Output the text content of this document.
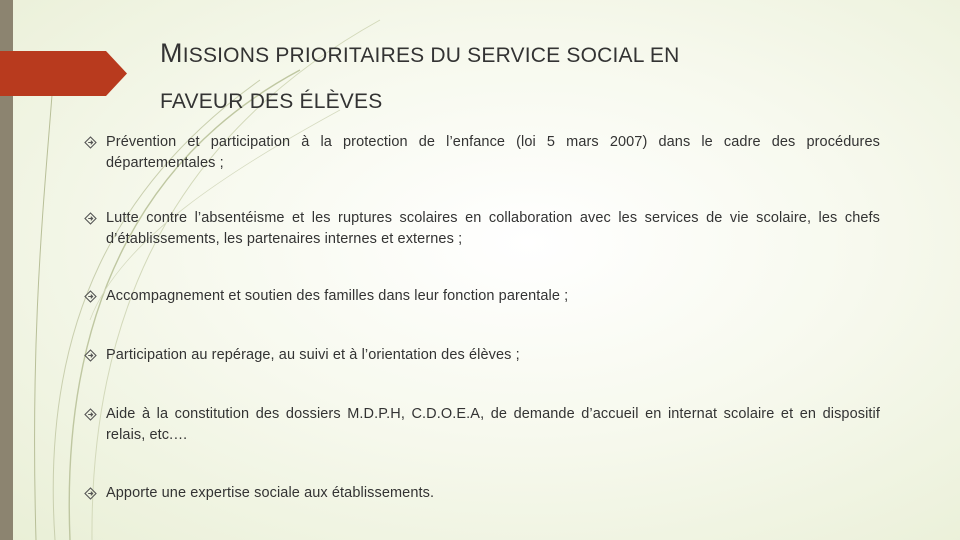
MISSIONS PRIORITAIRES DU SERVICE SOCIAL EN
FAVEUR DES ÉLÈVES
Prévention et participation à la protection de l’enfance (loi 5 mars 2007) dans le cadre des procédures départementales ;
Lutte contre l’absentéisme et les ruptures scolaires en collaboration avec les services de vie scolaire, les chefs d’établissements, les partenaires internes et externes ;
Accompagnement et soutien des familles dans leur fonction parentale ;
Participation au repérage, au suivi et à l’orientation des élèves ;
Aide à la constitution des dossiers M.D.P.H, C.D.O.E.A, de demande d’accueil en internat scolaire et en dispositif relais, etc.…
Apporte une expertise sociale aux établissements.
